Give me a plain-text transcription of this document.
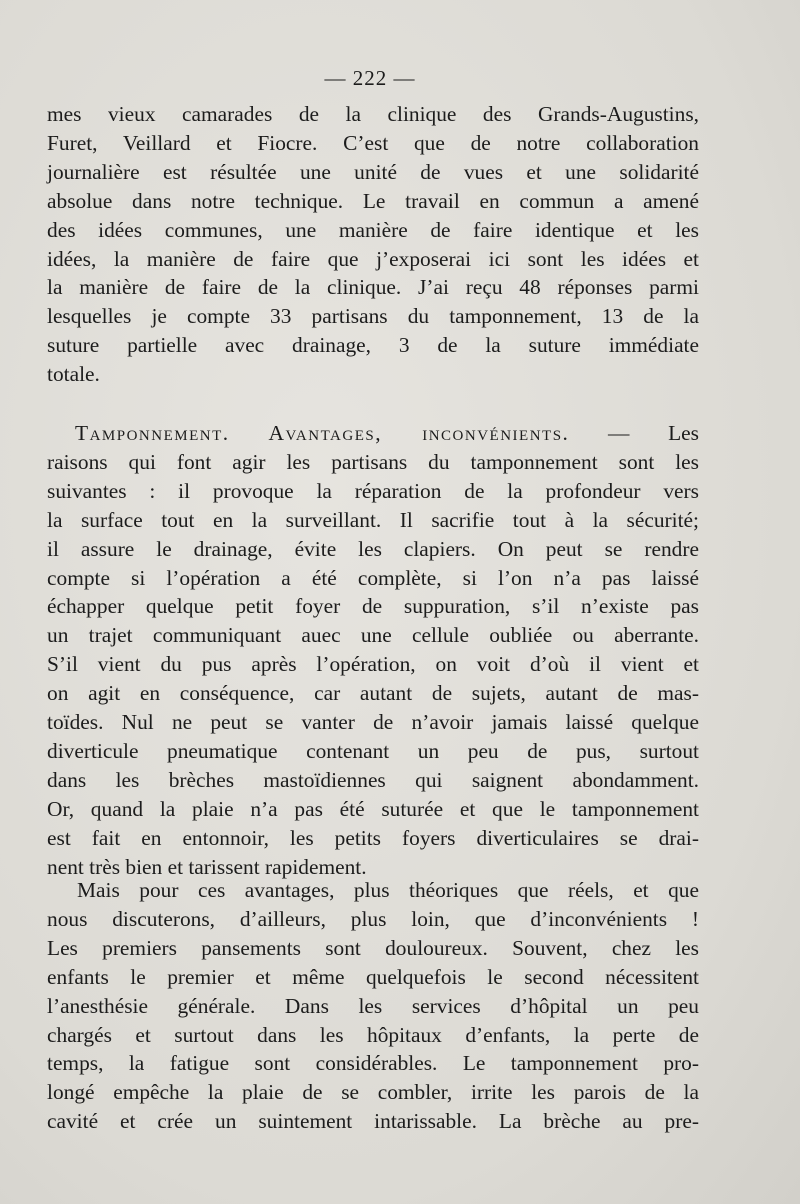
— 222 —
mes vieux camarades de la clinique des Grands-Augustins,
Furet, Veillard et Fiocre. C’est que de notre collaboration
journalière est résultée une unité de vues et une solidarité
absolue dans notre technique. Le travail en commun a amené
des idées communes, une manière de faire identique et les
idées, la manière de faire que j’exposerai ici sont les idées et
la manière de faire de la clinique. J’ai reçu 48 réponses parmi
lesquelles je compte 33 partisans du tamponnement, 13 de la
suture partielle avec drainage, 3 de la suture immédiate
totale.
Tamponnement. Avantages, inconvénients. — Les
raisons qui font agir les partisans du tamponnement sont les
suivantes : il provoque la réparation de la profondeur vers
la surface tout en la surveillant. Il sacrifie tout à la sécurité;
il assure le drainage, évite les clapiers. On peut se rendre
compte si l’opération a été complète, si l’on n’a pas laissé
échapper quelque petit foyer de suppuration, s’il n’existe pas
un trajet communiquant auec une cellule oubliée ou aberrante.
S’il vient du pus après l’opération, on voit d’où il vient et
on agit en conséquence, car autant de sujets, autant de mas-
toïdes. Nul ne peut se vanter de n’avoir jamais laissé quelque
diverticule pneumatique contenant un peu de pus, surtout
dans les brèches mastoïdiennes qui saignent abondamment.
Or, quand la plaie n’a pas été suturée et que le tamponnement
est fait en entonnoir, les petits foyers diverticulaires se drai-
nent très bien et tarissent rapidement.
Mais pour ces avantages, plus théoriques que réels, et que
nous discuterons, d’ailleurs, plus loin, que d’inconvénients !
Les premiers pansements sont douloureux. Souvent, chez les
enfants le premier et même quelquefois le second nécessitent
l’anesthésie générale. Dans les services d’hôpital un peu
chargés et surtout dans les hôpitaux d’enfants, la perte de
temps, la fatigue sont considérables. Le tamponnement pro-
longé empêche la plaie de se combler, irrite les parois de la
cavité et crée un suintement intarissable. La brèche au pre-
